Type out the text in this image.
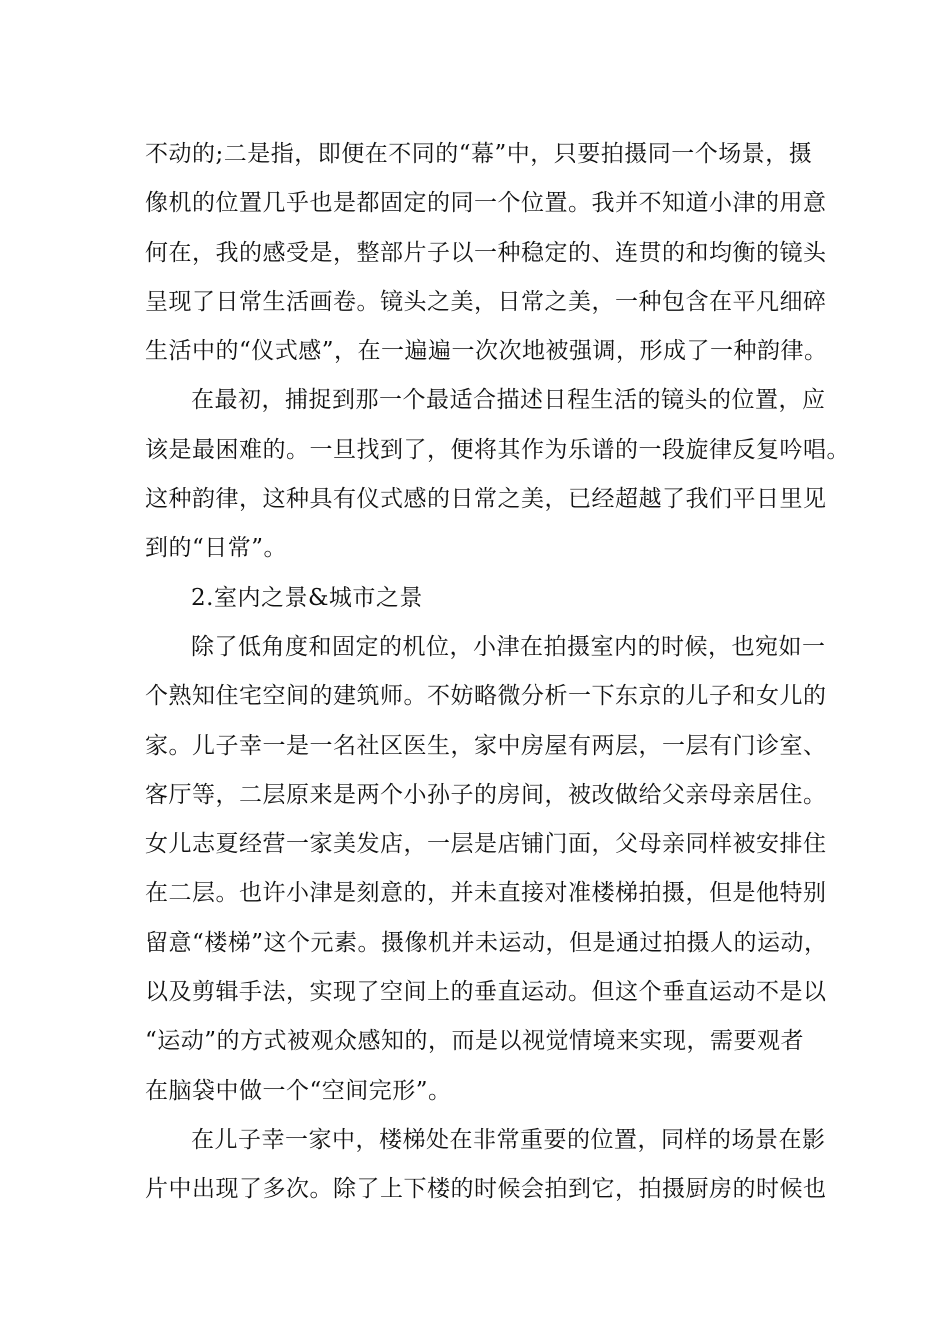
不动的;二是指，即便在不同的“幕”中，只要拍摄同一个场景，摄
像机的位置几乎也是都固定的同一个位置。我并不知道小津的用意
何在，我的感受是，整部片子以一种稳定的、连贯的和均衡的镜头
呈现了日常生活画卷。镜头之美，日常之美，一种包含在平凡细碎
生活中的“仪式感”，在一遍遍一次次地被强调，形成了一种韵律。
在最初，捕捉到那一个最适合描述日程生活的镜头的位置，应
该是最困难的。一旦找到了，便将其作为乐谱的一段旋律反复吟唱。
这种韵律，这种具有仪式感的日常之美，已经超越了我们平日里见
到的“日常”。
2.室内之景&城市之景
除了低角度和固定的机位，小津在拍摄室内的时候，也宛如一
个熟知住宅空间的建筑师。不妨略微分析一下东京的儿子和女儿的
家。儿子幸一是一名社区医生，家中房屋有两层，一层有门诊室、
客厅等，二层原来是两个小孙子的房间，被改做给父亲母亲居住。
女儿志夏经营一家美发店，一层是店铺门面，父母亲同样被安排住
在二层。也许小津是刻意的，并未直接对准楼梯拍摄，但是他特别
留意“楼梯”这个元素。摄像机并未运动，但是通过拍摄人的运动，
以及剪辑手法，实现了空间上的垂直运动。但这个垂直运动不是以
“运动”的方式被观众感知的，而是以视觉情境来实现，需要观者
在脑袋中做一个“空间完形”。
在儿子幸一家中，楼梯处在非常重要的位置，同样的场景在影
片中出现了多次。除了上下楼的时候会拍到它，拍摄厨房的时候也
